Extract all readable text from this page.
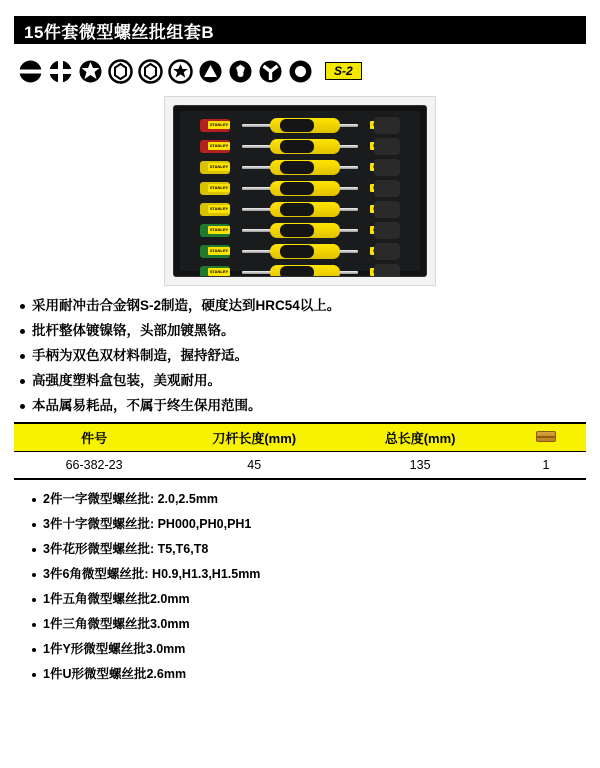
15件套微型螺丝批组套B
S-2
STANLEY
STANLEY
STANLEY
STANLEY
STANLEY
STANLEY
STANLEY
STANLEY
采用耐冲击合金钢S-2制造，硬度达到HRC54以上。
批杆整体镀镍铬，头部加镀黑铬。
手柄为双色双材料制造，握持舒适。
高强度塑料盒包装，美观耐用。
本品属易耗品，不属于终生保用范围。
件号	刀杆长度(mm)	总长度(mm)	
66-382-23	45	135	1
2件一字微型螺丝批: 2.0,2.5mm
3件十字微型螺丝批: PH000,PH0,PH1
3件花形微型螺丝批: T5,T6,T8
3件6角微型螺丝批: H0.9,H1.3,H1.5mm
1件五角微型螺丝批2.0mm
1件三角微型螺丝批3.0mm
1件Y形微型螺丝批3.0mm
1件U形微型螺丝批2.6mm
